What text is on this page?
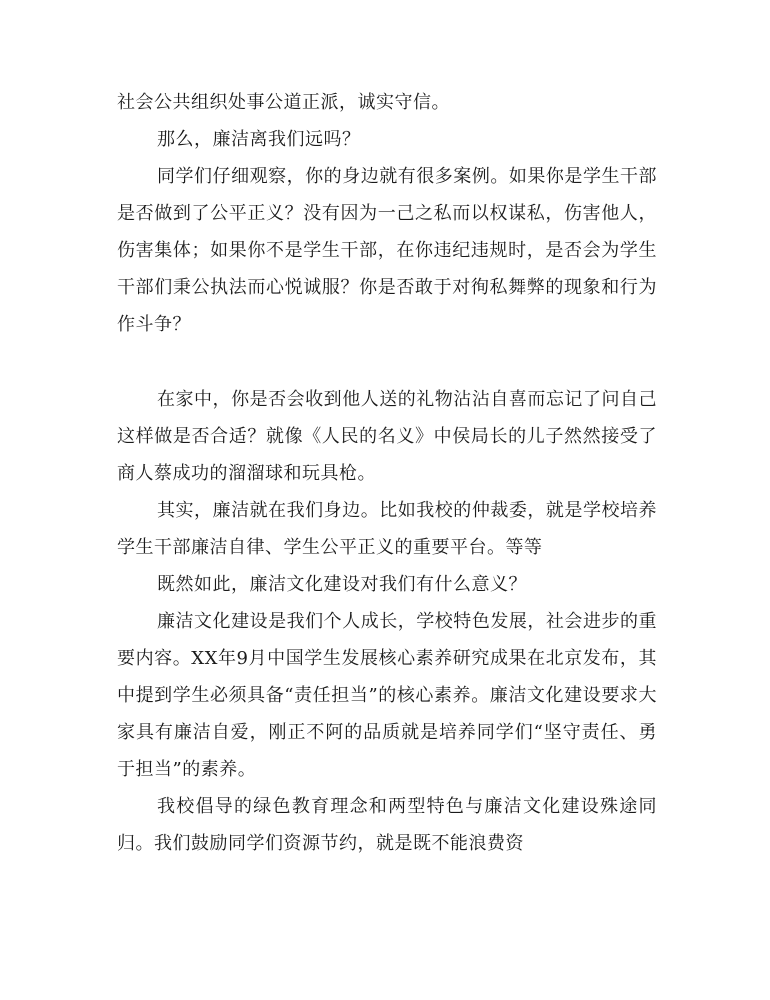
社会公共组织处事公道正派，诚实守信。

那么，廉洁离我们远吗？

同学们仔细观察，你的身边就有很多案例。如果你是学生干部是否做到了公平正义？没有因为一己之私而以权谋私，伤害他人，伤害集体；如果你不是学生干部，在你违纪违规时，是否会为学生干部们秉公执法而心悦诚服？你是否敢于对徇私舞弊的现象和行为作斗争？

在家中，你是否会收到他人送的礼物沾沾自喜而忘记了问自己这样做是否合适？就像《人民的名义》中侯局长的儿子然然接受了商人蔡成功的溜溜球和玩具枪。

其实，廉洁就在我们身边。比如我校的仲裁委，就是学校培养学生干部廉洁自律、学生公平正义的重要平台。等等

既然如此，廉洁文化建设对我们有什么意义？

廉洁文化建设是我们个人成长，学校特色发展，社会进步的重要内容。XX年9月中国学生发展核心素养研究成果在北京发布，其中提到学生必须具备“责任担当”的核心素养。廉洁文化建设要求大家具有廉洁自爱，刚正不阿的品质就是培养同学们“坚守责任、勇于担当”的素养。

我校倡导的绿色教育理念和两型特色与廉洁文化建设殊途同归。我们鼓励同学们资源节约，就是既不能浪费资
